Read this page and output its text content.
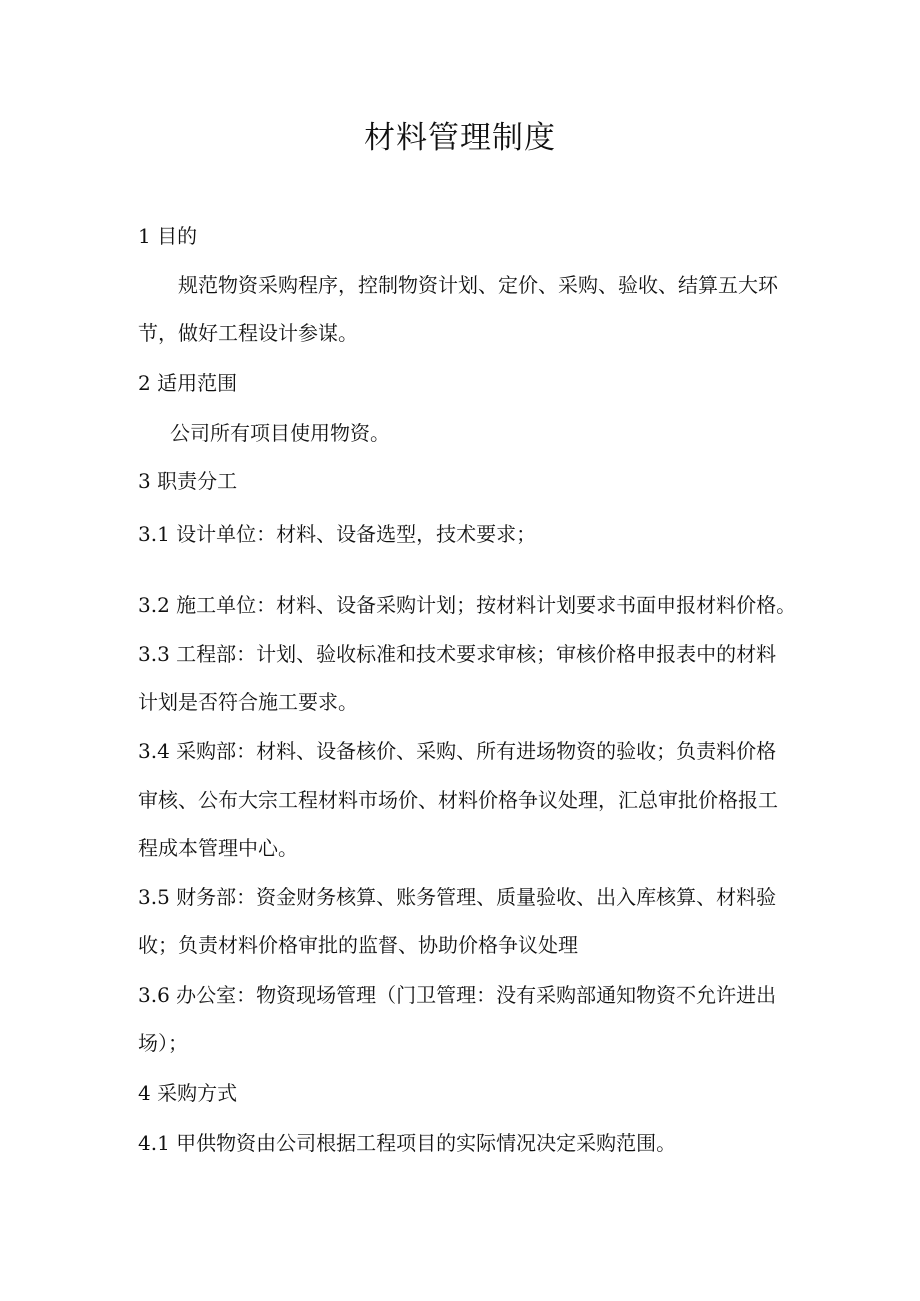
材料管理制度

1 目的

规范物资采购程序，控制物资计划、定价、采购、验收、结算五大环

节，做好工程设计参谋。

2 适用范围

公司所有项目使用物资。

3 职责分工

3.1 设计单位：材料、设备选型，技术要求；

3.2 施工单位：材料、设备采购计划；按材料计划要求书面申报材料价格。

3.3 工程部：计划、验收标准和技术要求审核；审核价格申报表中的材料

计划是否符合施工要求。

3.4 采购部：材料、设备核价、采购、所有进场物资的验收；负责料价格

审核、公布大宗工程材料市场价、材料价格争议处理，汇总审批价格报工

程成本管理中心。

3.5 财务部：资金财务核算、账务管理、质量验收、出入库核算、材料验

收；负责材料价格审批的监督、协助价格争议处理

3.6 办公室：物资现场管理（门卫管理：没有采购部通知物资不允许进出

场）；

4 采购方式

4.1 甲供物资由公司根据工程项目的实际情况决定采购范围。
